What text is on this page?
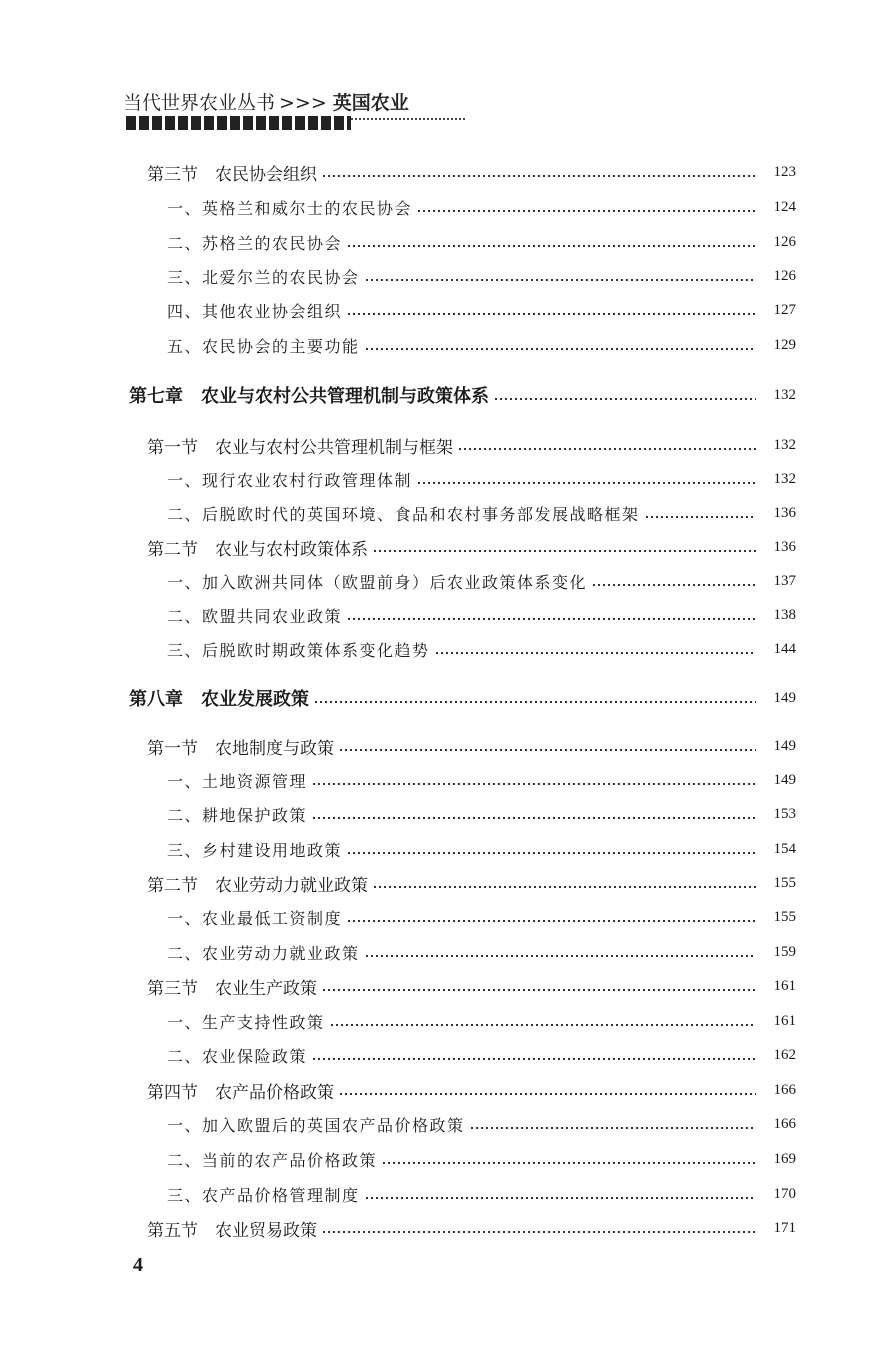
当代世界农业丛书 >>> 英国农业
第三节　农民协会组织	123
一、英格兰和威尔士的农民协会	124
二、苏格兰的农民协会	126
三、北爱尔兰的农民协会	126
四、其他农业协会组织	127
五、农民协会的主要功能	129
第七章　农业与农村公共管理机制与政策体系	132
第一节　农业与农村公共管理机制与框架	132
一、现行农业农村行政管理体制	132
二、后脱欧时代的英国环境、食品和农村事务部发展战略框架	136
第二节　农业与农村政策体系	136
一、加入欧洲共同体（欧盟前身）后农业政策体系变化	137
二、欧盟共同农业政策	138
三、后脱欧时期政策体系变化趋势	144
第八章　农业发展政策	149
第一节　农地制度与政策	149
一、土地资源管理	149
二、耕地保护政策	153
三、乡村建设用地政策	154
第二节　农业劳动力就业政策	155
一、农业最低工资制度	155
二、农业劳动力就业政策	159
第三节　农业生产政策	161
一、生产支持性政策	161
二、农业保险政策	162
第四节　农产品价格政策	166
一、加入欧盟后的英国农产品价格政策	166
二、当前的农产品价格政策	169
三、农产品价格管理制度	170
第五节　农业贸易政策	171
4
